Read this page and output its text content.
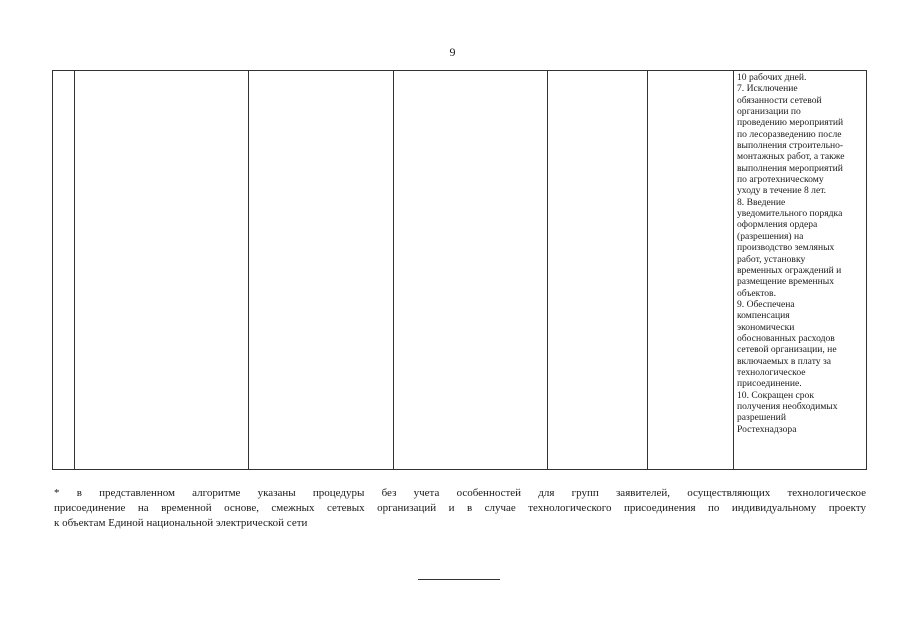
9
10 рабочих дней.
7. Исключение
обязанности сетевой
организации по
проведению мероприятий
по лесоразведению после
выполнения строительно-
монтажных работ, а также
выполнения мероприятий
по агротехническому
уходу в течение 8 лет.
8. Введение
уведомительного порядка
оформления ордера
(разрешения) на
производство земляных
работ, установку
временных ограждений и
размещение временных
объектов.
9. Обеспечена
компенсация
экономически
обоснованных расходов
сетевой организации, не
включаемых в плату за
технологическое
присоединение.
10. Сокращен срок
получения необходимых
разрешений
Ростехнадзора
* в представленном алгоритме указаны процедуры без учета особенностей для групп заявителей, осуществляющих технологическое
присоединение на временной основе, смежных сетевых организаций и в случае технологического присоединения по индивидуальному проекту
к объектам Единой национальной электрической сети
